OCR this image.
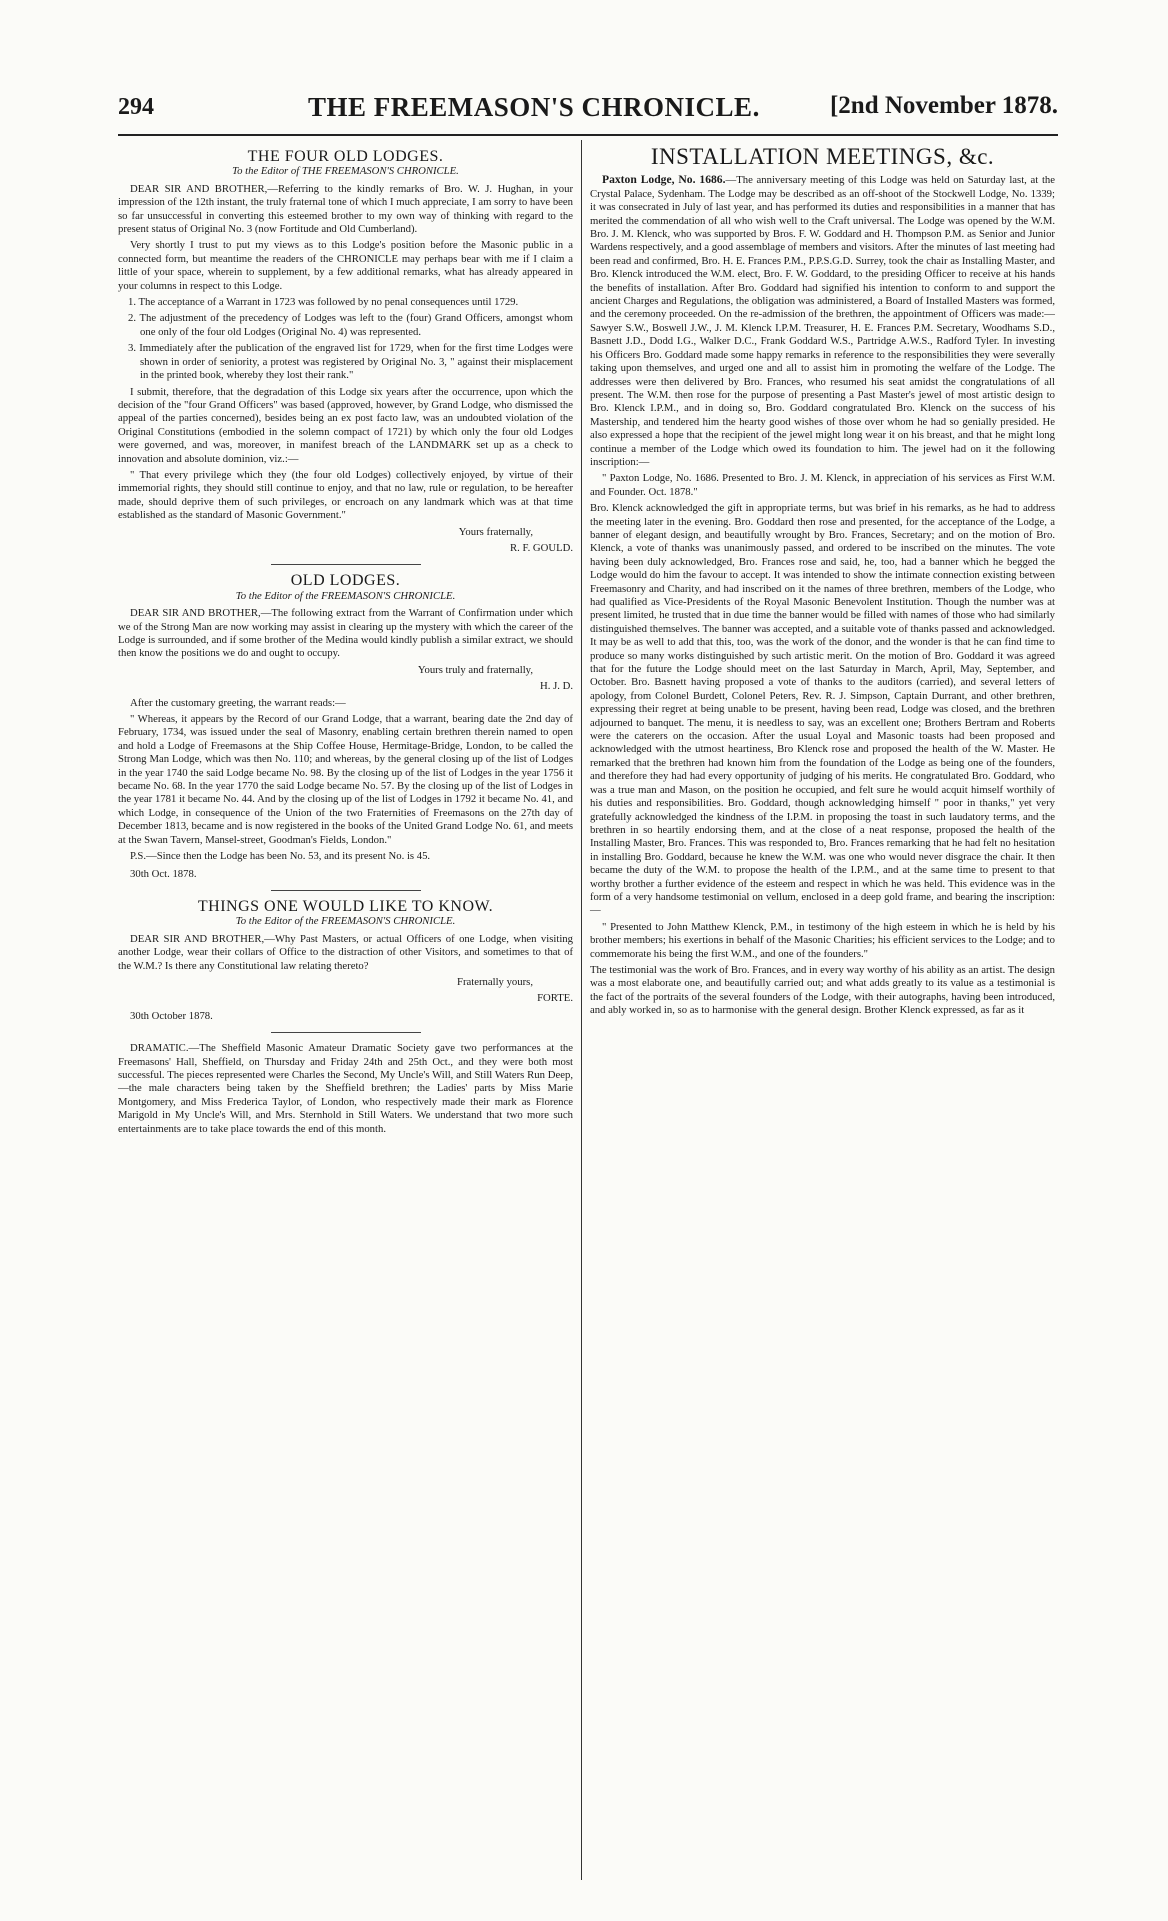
294	THE FREEMASON'S CHRONICLE.	[2nd November 1878.
THE FOUR OLD LODGES.
To the Editor of THE FREEMASON'S CHRONICLE.

DEAR SIR AND BROTHER,—Referring to the kindly remarks of Bro. W. J. Hughan, in your impression of the 12th instant, the truly fraternal tone of which I much appreciate, I am sorry to have been so far unsuccessful in converting this esteemed brother to my own way of thinking with regard to the present status of Original No. 3 (now Fortitude and Old Cumberland).

Very shortly I trust to put my views as to this Lodge's position before the Masonic public in a connected form, but meantime the readers of the CHRONICLE may perhaps bear with me if I claim a little of your space, wherein to supplement, by a few additional remarks, what has already appeared in your columns in respect to this Lodge.

1. The acceptance of a Warrant in 1723 was followed by no penal consequences until 1729.
2. The adjustment of the precedency of Lodges was left to the (four) Grand Officers, amongst whom one only of the four old Lodges (Original No. 4) was represented.
3. Immediately after the publication of the engraved list for 1729, when for the first time Lodges were shown in order of seniority, a protest was registered by Original No. 3, " against their misplacement in the printed book, whereby they lost their rank."

I submit, therefore, that the degradation of this Lodge six years after the occurrence, upon which the decision of the "four Grand Officers" was based (approved, however, by Grand Lodge, who dismissed the appeal of the parties concerned), besides being an ex post facto law, was an undoubted violation of the Original Constitutions (embodied in the solemn compact of 1721) by which only the four old Lodges were governed, and was, moreover, in manifest breach of the LANDMARK set up as a check to innovation and absolute dominion, viz.:—

" That every privilege which they (the four old Lodges) collectively enjoyed, by virtue of their immemorial rights, they should still continue to enjoy, and that no law, rule or regulation, to be hereafter made, should deprive them of such privileges, or encroach on any landmark which was at that time established as the standard of Masonic Government."

Yours fraternally,
R. F. GOULD.
OLD LODGES.
To the Editor of the FREEMASON'S CHRONICLE.

DEAR SIR AND BROTHER,—The following extract from the Warrant of Confirmation under which we of the Strong Man are now working may assist in clearing up the mystery with which the career of the Lodge is surrounded, and if some brother of the Medina would kindly publish a similar extract, we should then know the positions we do and ought to occupy.

Yours truly and fraternally,
H. J. D.

After the customary greeting, the warrant reads:—

" Whereas, it appears by the Record of our Grand Lodge, that a warrant, bearing date the 2nd day of February, 1734, was issued under the seal of Masonry, enabling certain brethren therein named to open and hold a Lodge of Freemasons at the Ship Coffee House, Hermitage-Bridge, London, to be called the Strong Man Lodge, which was then No. 110; and whereas, by the general closing up of the list of Lodges in the year 1740 the said Lodge became No. 98. By the closing up of the list of Lodges in the year 1756 it became No. 68. In the year 1770 the said Lodge became No. 57. By the closing up of the list of Lodges in the year 1781 it became No. 44. And by the closing up of the list of Lodges in 1792 it became No. 41, and which Lodge, in consequence of the Union of the two Fraternities of Freemasons on the 27th day of December 1813, became and is now registered in the books of the United Grand Lodge No. 61, and meets at the Swan Tavern, Mansel-street, Goodman's Fields, London."

P.S.—Since then the Lodge has been No. 53, and its present No. is 45.

30th Oct. 1878.
THINGS ONE WOULD LIKE TO KNOW.
To the Editor of the FREEMASON'S CHRONICLE.

DEAR SIR AND BROTHER,—Why Past Masters, or actual Officers of one Lodge, when visiting another Lodge, wear their collars of Office to the distraction of other Visitors, and sometimes to that of the W.M.? Is there any Constitutional law relating thereto?

Fraternally yours,
FORTE.
30th October 1878.

DRAMATIC.—The Sheffield Masonic Amateur Dramatic Society gave two performances at the Freemasons' Hall, Sheffield, on Thursday and Friday 24th and 25th Oct., and they were both most successful. The pieces represented were Charles the Second, My Uncle's Will, and Still Waters Run Deep,—the male characters being taken by the Sheffield brethren; the Ladies' parts by Miss Marie Montgomery, and Miss Frederica Taylor, of London, who respectively made their mark as Florence Marigold in My Uncle's Will, and Mrs. Sternhold in Still Waters. We understand that two more such entertainments are to take place towards the end of this month.

INSTALLATION MEETINGS, &c.

Paxton Lodge, No. 1686.—The anniversary meeting of this Lodge was held on Saturday last, at the Crystal Palace, Sydenham. The Lodge may be described as an off-shoot of the Stockwell Lodge, No. 1339; it was consecrated in July of last year, and has performed its duties and responsibilities in a manner that has merited the commendation of all who wish well to the Craft universal. The Lodge was opened by the W.M. Bro. J. M. Klenck, who was supported by Bros. F. W. Goddard and H. Thompson P.M. as Senior and Junior Wardens respectively, and a good assemblage of members and visitors. After the minutes of last meeting had been read and confirmed, Bro. H. E. Frances P.M., P.P.S.G.D. Surrey, took the chair as Installing Master, and Bro. Klenck introduced the W.M. elect, Bro. F. W. Goddard, to the presiding Officer to receive at his hands the benefits of installation. After Bro. Goddard had signified his intention to conform to and support the ancient Charges and Regulations, the obligation was administered, a Board of Installed Masters was formed, and the ceremony proceeded. On the re-admission of the brethren, the appointment of Officers was made:—Sawyer S.W., Boswell J.W., J. M. Klenck I.P.M. Treasurer, H. E. Frances P.M. Secretary, Woodhams S.D., Basnett J.D., Dodd I.G., Walker D.C., Frank Goddard W.S., Partridge A.W.S., Radford Tyler. In investing his Officers Bro. Goddard made some happy remarks in reference to the responsibilities they were severally taking upon themselves, and urged one and all to assist him in promoting the welfare of the Lodge. The addresses were then delivered by Bro. Frances, who resumed his seat amidst the congratulations of all present. The W.M. then rose for the purpose of presenting a Past Master's jewel of most artistic design to Bro. Klenck I.P.M., and in doing so, Bro. Goddard congratulated Bro. Klenck on the success of his Mastership, and tendered him the hearty good wishes of those over whom he had so genially presided. He also expressed a hope that the recipient of the jewel might long wear it on his breast, and that he might long continue a member of the Lodge which owed its foundation to him. The jewel had on it the following inscription:—

" Paxton Lodge, No. 1686. Presented to Bro. J. M. Klenck, in appreciation of his services as First W.M. and Founder. Oct. 1878."

Bro. Klenck acknowledged the gift in appropriate terms, but was brief in his remarks, as he had to address the meeting later in the evening. Bro. Goddard then rose and presented, for the acceptance of the Lodge, a banner of elegant design, and beautifully wrought by Bro. Frances, Secretary; and on the motion of Bro. Klenck, a vote of thanks was unanimously passed, and ordered to be inscribed on the minutes. The vote having been duly acknowledged, Bro. Frances rose and said, he, too, had a banner which he begged the Lodge would do him the favour to accept. It was intended to show the intimate connection existing between Freemasonry and Charity, and had inscribed on it the names of three brethren, members of the Lodge, who had qualified as Vice-Presidents of the Royal Masonic Benevolent Institution. Though the number was at present limited, he trusted that in due time the banner would be filled with names of those who had similarly distinguished themselves. The banner was accepted, and a suitable vote of thanks passed and acknowledged. It may be as well to add that this, too, was the work of the donor, and the wonder is that he can find time to produce so many works distinguished by such artistic merit. On the motion of Bro. Goddard it was agreed that for the future the Lodge should meet on the last Saturday in March, April, May, September, and October. Bro. Basnett having proposed a vote of thanks to the auditors (carried), and several letters of apology, from Colonel Burdett, Colonel Peters, Rev. R. J. Simpson, Captain Durrant, and other brethren, expressing their regret at being unable to be present, having been read, Lodge was closed, and the brethren adjourned to banquet. The menu, it is needless to say, was an excellent one; Brothers Bertram and Roberts were the caterers on the occasion. After the usual Loyal and Masonic toasts had been proposed and acknowledged with the utmost heartiness, Bro Klenck rose and proposed the health of the W. Master. He remarked that the brethren had known him from the foundation of the Lodge as being one of the founders, and therefore they had had every opportunity of judging of his merits. He congratulated Bro. Goddard, who was a true man and Mason, on the position he occupied, and felt sure he would acquit himself worthily of his duties and responsibilities. Bro. Goddard, though acknowledging himself " poor in thanks," yet very gratefully acknowledged the kindness of the I.P.M. in proposing the toast in such laudatory terms, and the brethren in so heartily endorsing them, and at the close of a neat response, proposed the health of the Installing Master, Bro. Frances. This was responded to, Bro. Frances remarking that he had felt no hesitation in installing Bro. Goddard, because he knew the W.M. was one who would never disgrace the chair. It then became the duty of the W.M. to propose the health of the I.P.M., and at the same time to present to that worthy brother a further evidence of the esteem and respect in which he was held. This evidence was in the form of a very handsome testimonial on vellum, enclosed in a deep gold frame, and bearing the inscription:—

" Presented to John Matthew Klenck, P.M., in testimony of the high esteem in which he is held by his brother members; his exertions in behalf of the Masonic Charities; his efficient services to the Lodge; and to commemorate his being the first W.M., and one of the founders."

The testimonial was the work of Bro. Frances, and in every way worthy of his ability as an artist. The design was a most elaborate one, and beautifully carried out; and what adds greatly to its value as a testimonial is the fact of the portraits of the several founders of the Lodge, with their autographs, having been introduced, and ably worked in, so as to harmonise with the general design. Brother Klenck expressed, as far as it
